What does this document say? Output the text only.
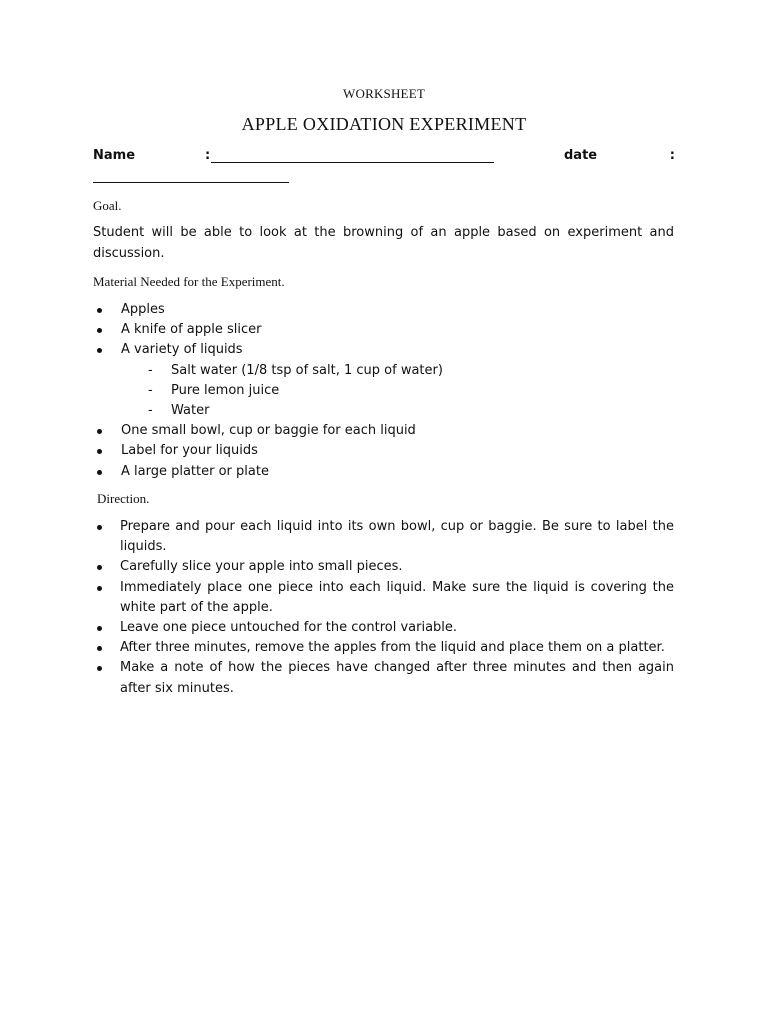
WORKSHEET
APPLE OXIDATION EXPERIMENT
Name	:	date	:
Goal.
Student will be able to look at the browning of an apple based on experiment and discussion.
Material Needed for the Experiment.
Apples
A knife of apple slicer
A variety of liquids
- Salt water (1/8 tsp of salt, 1 cup of water)
- Pure lemon juice
- Water
One small bowl, cup or baggie for each liquid
Label for your liquids
A large platter or plate
Direction.
Prepare and pour each liquid into its own bowl, cup or baggie. Be sure to label the liquids.
Carefully slice your apple into small pieces.
Immediately place one piece into each liquid. Make sure the liquid is covering the white part of the apple.
Leave one piece untouched for the control variable.
After three minutes, remove the apples from the liquid and place them on a platter.
Make a note of how the pieces have changed after three minutes and then again after six minutes.
